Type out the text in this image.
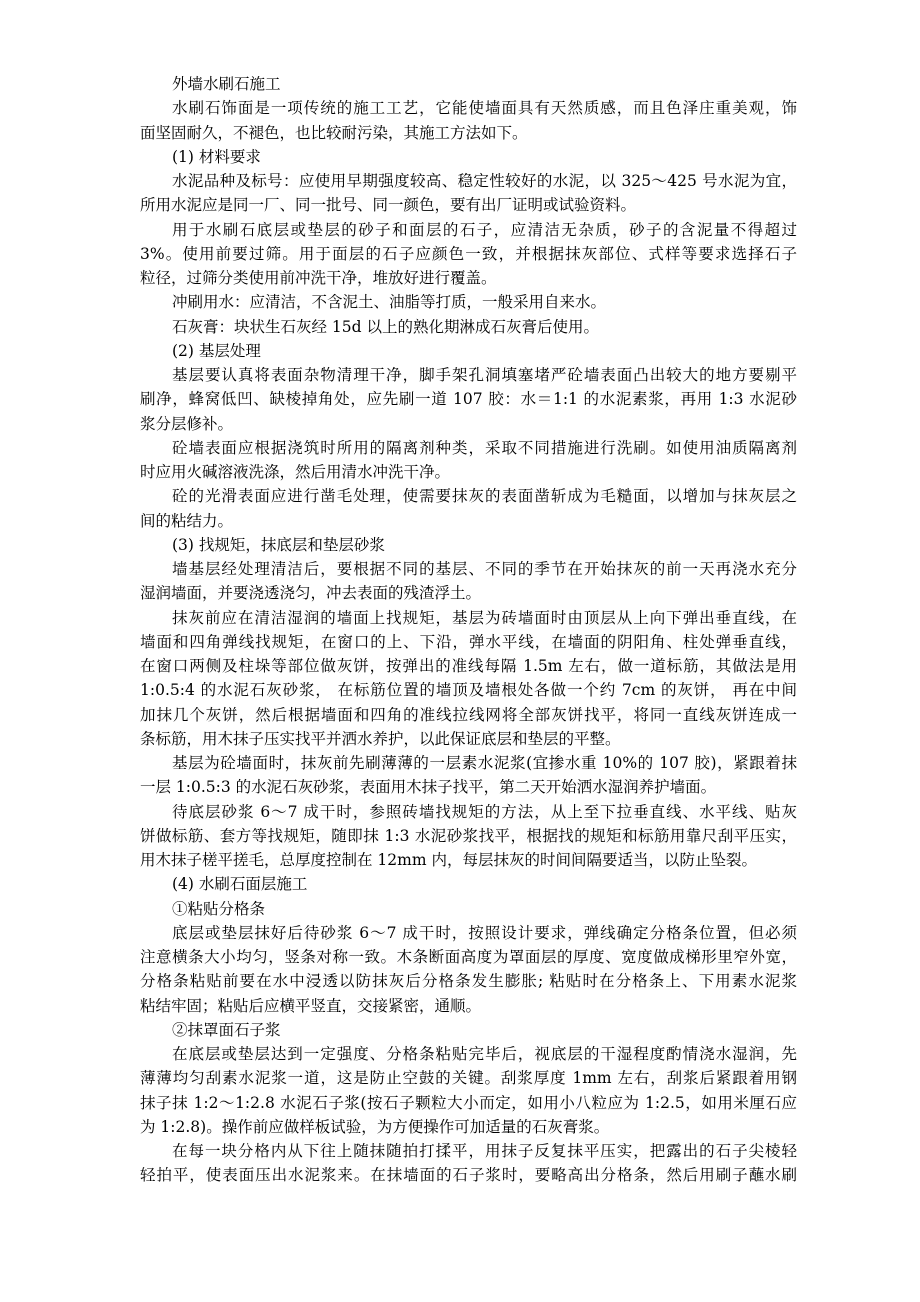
外墙水刷石施工
水刷石饰面是一项传统的施工工艺，它能使墙面具有天然质感，而且色泽庄重美观，饰
面坚固耐久，不褪色，也比较耐污染，其施工方法如下。
(1) 材料要求
水泥品种及标号：应使用早期强度较高、稳定性较好的水泥，以 325～425 号水泥为宜，
所用水泥应是同一厂、同一批号、同一颜色，要有出厂证明或试验资料。
用于水刷石底层或垫层的砂子和面层的石子，应清洁无杂质，砂子的含泥量不得超过
3%。使用前要过筛。用于面层的石子应颜色一致，并根据抹灰部位、式样等要求选择石子
粒径，过筛分类使用前冲洗干净，堆放好进行覆盖。
冲刷用水：应清洁，不含泥土、油脂等打质，一般采用自来水。
石灰膏：块状生石灰经 15d 以上的熟化期淋成石灰膏后使用。
(2) 基层处理
基层要认真将表面杂物清理干净，脚手架孔洞填塞堵严砼墙表面凸出较大的地方要剔平
刷净，蜂窝低凹、缺棱掉角处，应先刷一道 107 胶：水＝1:1 的水泥素浆，再用 1:3 水泥砂
浆分层修补。
砼墙表面应根据浇筑时所用的隔离剂种类，采取不同措施进行洗刷。如使用油质隔离剂
时应用火碱溶液洗涤，然后用清水冲洗干净。
砼的光滑表面应进行凿毛处理，使需要抹灰的表面凿斩成为毛糙面，以增加与抹灰层之
间的粘结力。
(3) 找规矩，抹底层和垫层砂浆
墙基层经处理清洁后，要根据不同的基层、不同的季节在开始抹灰的前一天再浇水充分
湿润墙面，并要浇透浇匀，冲去表面的残渣浮土。
抹灰前应在清洁湿润的墙面上找规矩，基层为砖墙面时由顶层从上向下弹出垂直线，在
墙面和四角弹线找规矩，在窗口的上、下沿，弹水平线，在墙面的阴阳角、柱处弹垂直线，
在窗口两侧及柱垛等部位做灰饼，按弹出的准线每隔 1.5m 左右，做一道标筋，其做法是用
1:0.5:4 的水泥石灰砂浆， 在标筋位置的墙顶及墙根处各做一个约 7cm 的灰饼， 再在中间
加抹几个灰饼，然后根据墙面和四角的准线拉线网将全部灰饼找平，将同一直线灰饼连成一
条标筋，用木抹子压实找平并洒水养护，以此保证底层和垫层的平整。
基层为砼墙面时，抹灰前先刷薄薄的一层素水泥浆(宜掺水重 10%的 107 胶)，紧跟着抹
一层 1:0.5:3 的水泥石灰砂浆，表面用木抹子找平，第二天开始洒水湿润养护墙面。
待底层砂浆 6～7 成干时，参照砖墙找规矩的方法，从上至下拉垂直线、水平线、贴灰
饼做标筋、套方等找规矩，随即抹 1:3 水泥砂浆找平，根据找的规矩和标筋用靠尺刮平压实，
用木抹子槎平搓毛，总厚度控制在 12mm 内，每层抹灰的时间间隔要适当，以防止坠裂。
(4) 水刷石面层施工
①粘贴分格条
底层或垫层抹好后待砂浆 6～7 成干时，按照设计要求，弹线确定分格条位置，但必须
注意横条大小均匀，竖条对称一致。木条断面高度为罩面层的厚度、宽度做成梯形里窄外宽，
分格条粘贴前要在水中浸透以防抹灰后分格条发生膨胀; 粘贴时在分格条上、下用素水泥浆
粘结牢固；粘贴后应横平竖直，交接紧密，通顺。
②抹罩面石子浆
在底层或垫层达到一定强度、分格条粘贴完毕后，视底层的干湿程度酌情浇水湿润，先
薄薄均匀刮素水泥浆一道，这是防止空鼓的关键。刮浆厚度 1mm 左右，刮浆后紧跟着用钢
抹子抹 1:2～1:2.8 水泥石子浆(按石子颗粒大小而定，如用小八粒应为 1:2.5，如用米厘石应
为 1:2.8)。操作前应做样板试验，为方便操作可加适量的石灰膏浆。
在每一块分格内从下往上随抹随拍打揉平，用抹子反复抹平压实，把露出的石子尖棱轻
轻拍平，使表面压出水泥浆来。在抹墙面的石子浆时，要略高出分格条，然后用刷子蘸水刷
